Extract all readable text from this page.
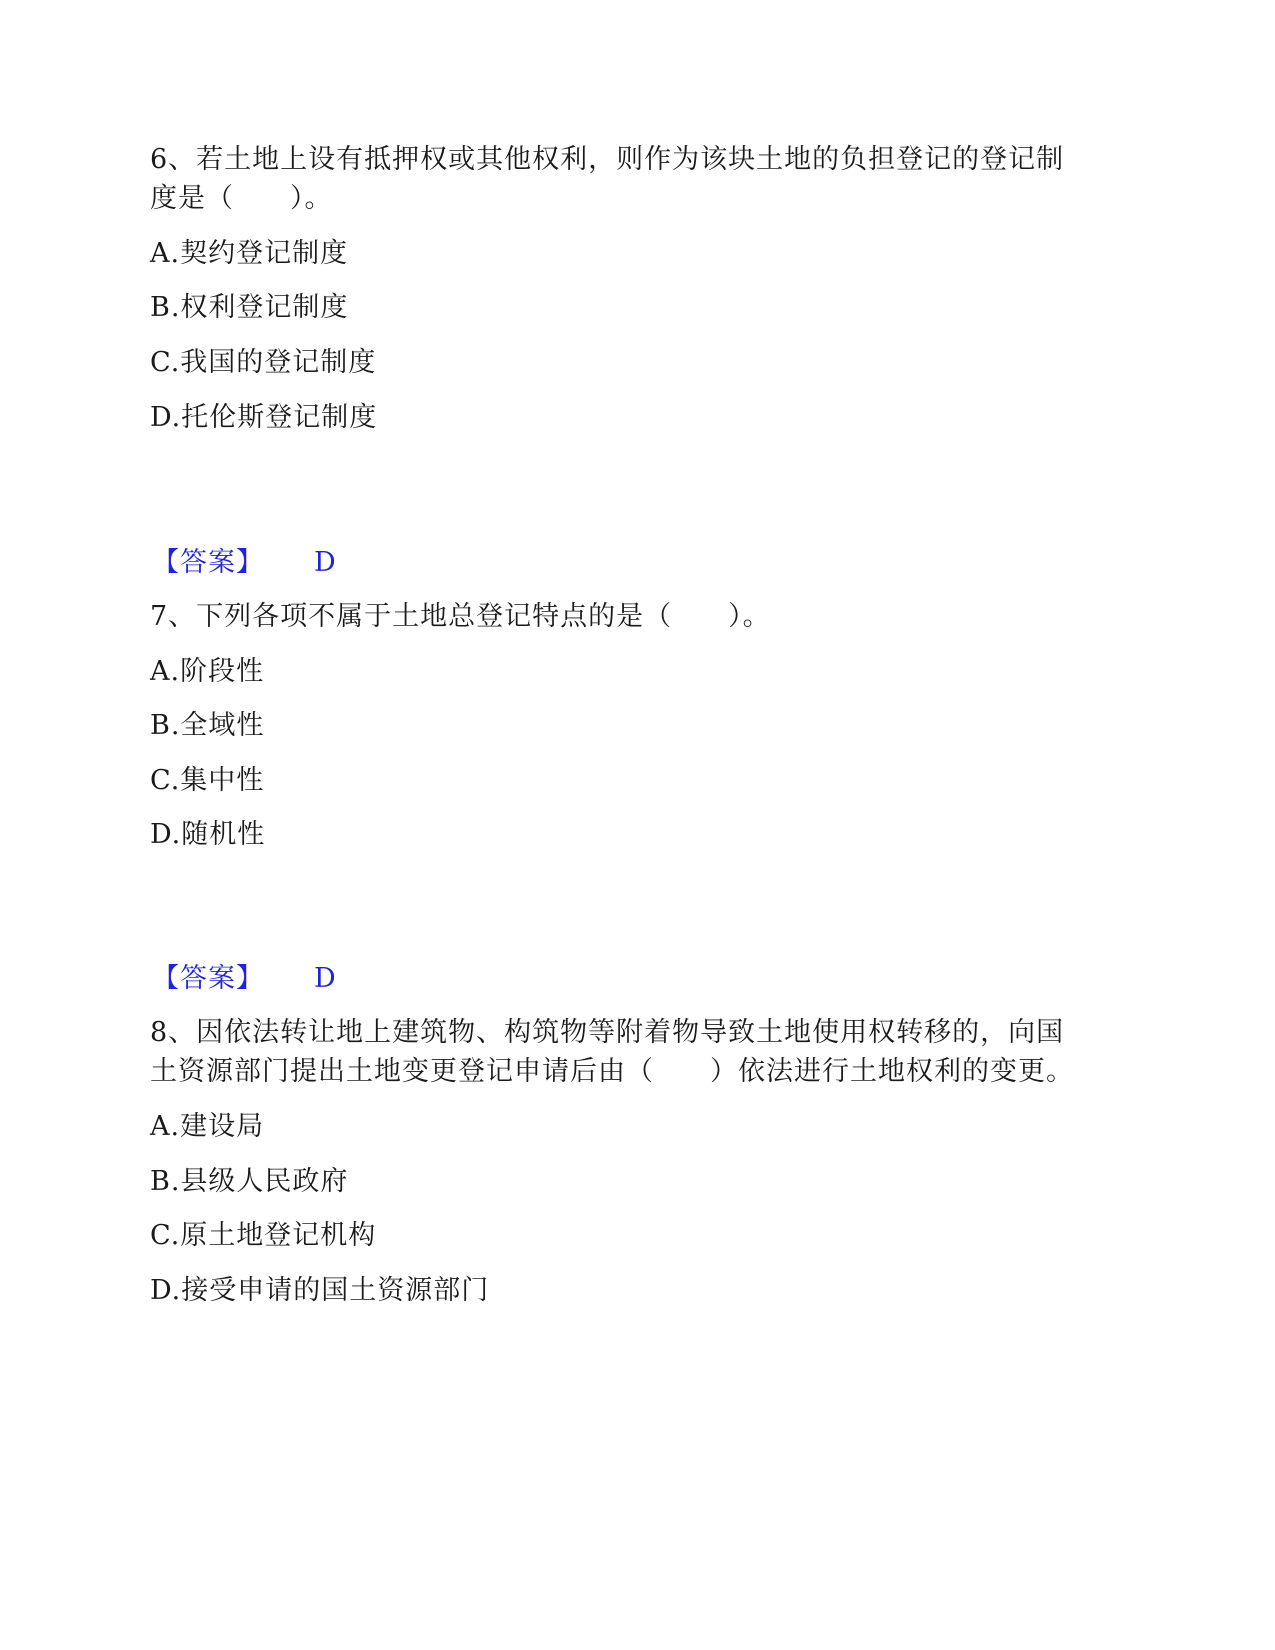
6、若土地上设有抵押权或其他权利，则作为该块土地的负担登记的登记制
度是（　　）。
A.契约登记制度
B.权利登记制度
C.我国的登记制度
D.托伦斯登记制度
【答案】 D
7、下列各项不属于土地总登记特点的是（　　）。
A.阶段性
B.全域性
C.集中性
D.随机性
【答案】 D
8、因依法转让地上建筑物、构筑物等附着物导致土地使用权转移的，向国
土资源部门提出土地变更登记申请后由（　　）依法进行土地权利的变更。
A.建设局
B.县级人民政府
C.原土地登记机构
D.接受申请的国土资源部门
